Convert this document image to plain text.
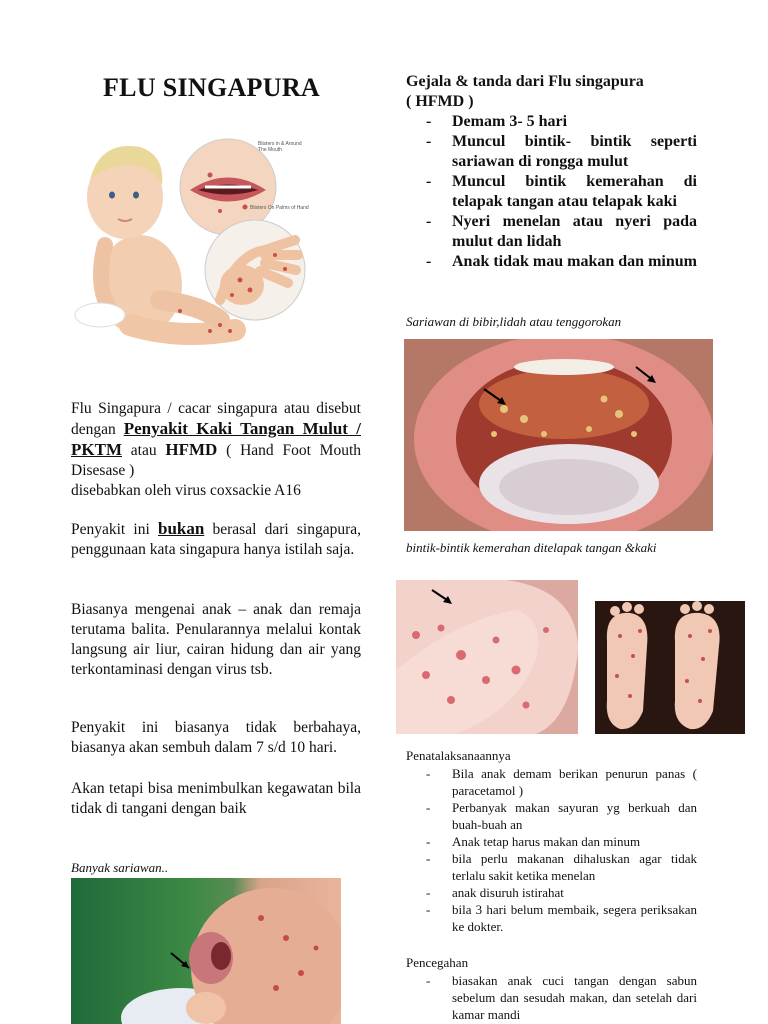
FLU SINGAPURA
Blisters in & Around The Mouth
Blisters On Palms of Hand
Flu Singapura / cacar singapura atau disebut dengan Penyakit Kaki Tangan Mulut / PKTM atau HFMD ( Hand Foot Mouth Disesase )
disebabkan oleh virus coxsackie A16
Penyakit ini bukan berasal dari singapura, penggunaan kata singapura hanya istilah saja.
Biasanya mengenai anak – anak dan remaja terutama balita. Penularannya melalui kontak langsung air liur, cairan hidung dan air yang terkontaminasi dengan virus tsb.
Penyakit ini biasanya tidak berbahaya, biasanya akan sembuh dalam 7 s/d 10 hari.
Akan tetapi bisa menimbulkan kegawatan bila tidak di tangani dengan baik
Banyak sariawan..
Gejala & tanda dari Flu singapura
( HFMD )
- Demam 3- 5 hari
- Muncul bintik- bintik seperti sariawan di rongga mulut
- Muncul bintik kemerahan di telapak tangan atau telapak kaki
- Nyeri menelan atau nyeri pada mulut dan lidah
- Anak tidak mau makan dan minum
Sariawan di bibir,lidah atau tenggorokan
bintik-bintik kemerahan ditelapak tangan &kaki
Penatalaksanaannya
- Bila anak demam berikan penurun panas ( paracetamol )
- Perbanyak makan sayuran yg berkuah dan buah-buah an
- Anak tetap harus makan dan minum
- bila perlu makanan dihaluskan agar tidak terlalu sakit ketika menelan
- anak disuruh istirahat
- bila 3 hari belum membaik, segera periksakan ke dokter.
Pencegahan
- biasakan anak cuci tangan dengan sabun sebelum dan sesudah makan, dan setelah dari kamar mandi
